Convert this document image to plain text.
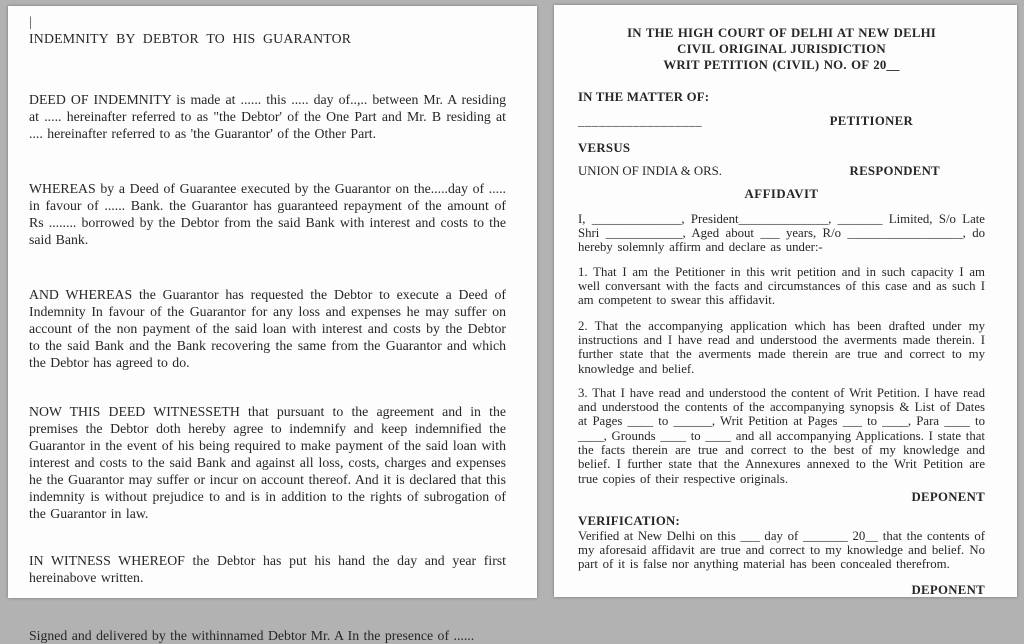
|
INDEMNITY BY DEBTOR TO HIS GUARANTOR

DEED OF INDEMNITY is made at ...... this ..... day of..,.. between Mr. A residing at ..... hereinafter referred to as "the Debtor' of the One Part and Mr. B residing at .... hereinafter referred to as 'the Guarantor' of the Other Part.

WHEREAS by a Deed of Guarantee executed by the Guarantor on the.....day of ..... in favour of ...... Bank. the Guarantor has guaranteed repayment of the amount of Rs ........ borrowed by the Debtor from the said Bank with interest and costs to the said Bank.

AND WHEREAS the Guarantor has requested the Debtor to execute a Deed of Indemnity In favour of the Guarantor for any loss and expenses he may suffer on account of the non payment of the said loan with interest and costs by the Debtor to the said Bank and the Bank recovering the same from the Guarantor and which the Debtor has agreed to do.

NOW THIS DEED WITNESSETH that pursuant to the agreement and in the premises the Debtor doth hereby agree to indemnify and keep indemnified the Guarantor in the event of his being required to make payment of the said loan with interest and costs to the said Bank and against all loss, costs, charges and expenses he the Guarantor may suffer or incur on account thereof. And it is declared that this indemnity is without prejudice to and is in addition to the rights of subrogation of the Guarantor in law.

IN WITNESS WHEREOF the Debtor has put his hand the day and year first hereinabove written.

Signed and delivered by the withinnamed Debtor Mr. A In the presence of ......

IN THE HIGH COURT OF DELHI AT NEW DELHI
CIVIL ORIGINAL JURISDICTION
WRIT PETITION (CIVIL) NO. OF 20__
IN THE MATTER OF:
__________________	PETITIONER
VERSUS
UNION OF INDIA & ORS.	RESPONDENT
AFFIDAVIT

I, ______________, President______________, _______ Limited, S/o Late Shri ____________, Aged about ___ years, R/o __________________, do hereby solemnly affirm and declare as under:-

1. That I am the Petitioner in this writ petition and in such capacity I am well conversant with the facts and circumstances of this case and as such I am competent to swear this affidavit.

2. That the accompanying application which has been drafted under my instructions and I have read and understood the averments made therein. I further state that the averments made therein are true and correct to my knowledge and belief.

3. That I have read and understood the content of Writ Petition. I have read and understood the contents of the accompanying synopsis & List of Dates at Pages ____ to ______, Writ Petition at Pages ___ to ____, Para ____ to ____, Grounds ____ to ____ and all accompanying Applications. I state that the facts therein are true and correct to the best of my knowledge and belief. I further state that the Annexures annexed to the Writ Petition are true copies of their respective originals.

DEPONENT
VERIFICATION:

Verified at New Delhi on this ___ day of _______ 20__ that the contents of my aforesaid affidavit are true and correct to my knowledge and belief. No part of it is false nor anything material has been concealed therefrom.

DEPONENT
